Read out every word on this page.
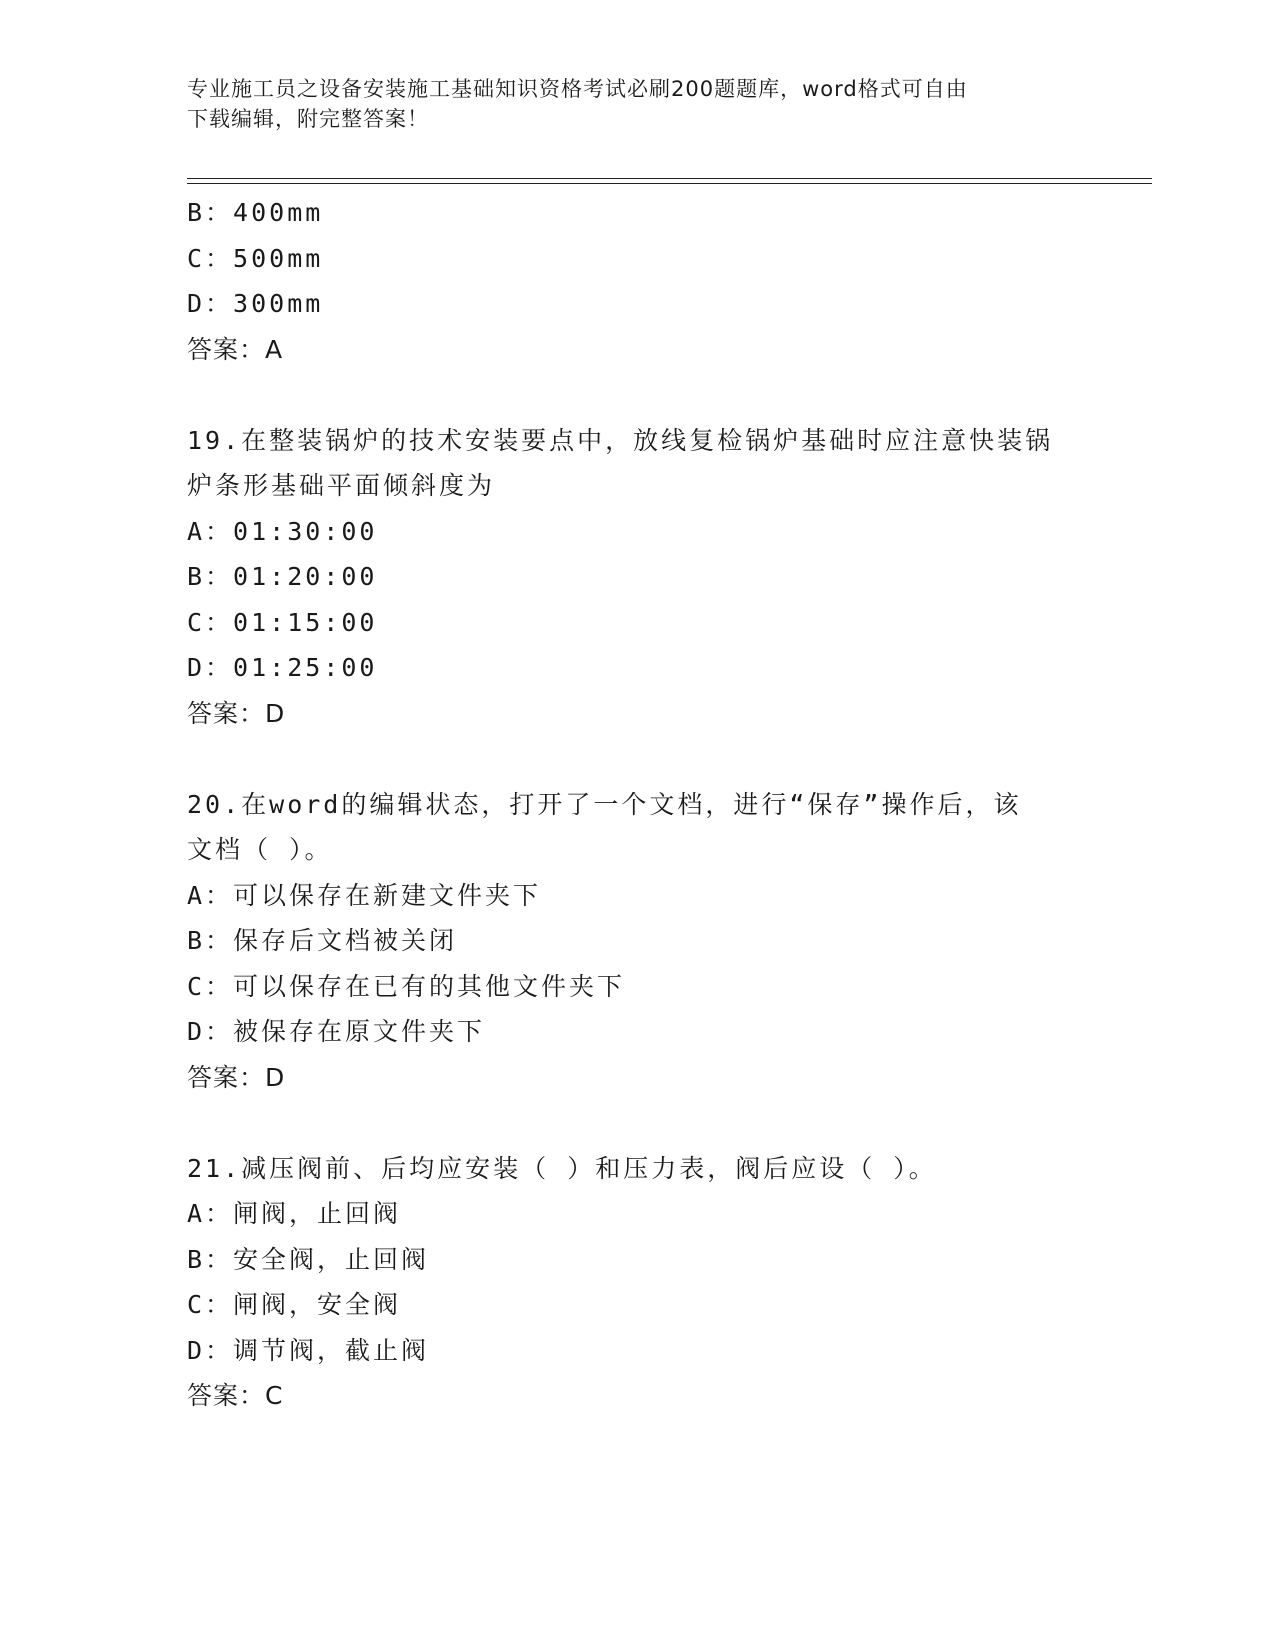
专业施工员之设备安装施工基础知识资格考试必刷200题题库，word格式可自由
下载编辑，附完整答案！
B：400mm
C：500mm
D：300mm
答案：A
19.在整装锅炉的技术安装要点中，放线复检锅炉基础时应注意快装锅
炉条形基础平面倾斜度为
A：01:30:00
B：01:20:00
C：01:15:00
D：01:25:00
答案：D
20.在word的编辑状态，打开了一个文档，进行“保存”操作后，该
文档（ ）。
A：可以保存在新建文件夹下
B：保存后文档被关闭
C：可以保存在已有的其他文件夹下
D：被保存在原文件夹下
答案：D
21.减压阀前、后均应安装（ ）和压力表，阀后应设（ ）。
A：闸阀，止回阀
B：安全阀，止回阀
C：闸阀，安全阀
D：调节阀，截止阀
答案：C
